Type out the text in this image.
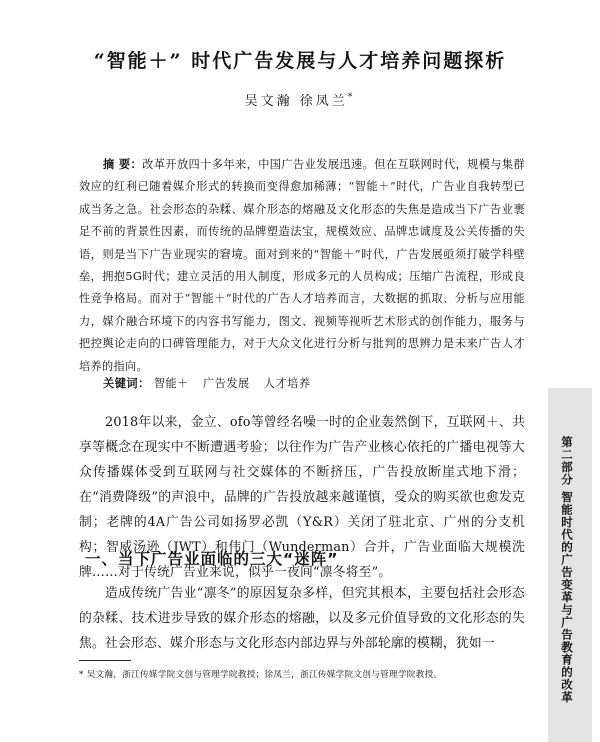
“智能＋” 时代广告发展与人才培养问题探析
吴文瀚 徐凤兰*
摘 要：改革开放四十多年来，中国广告业发展迅速。但在互联网时代，规模与集群效应的红利已随着媒介形式的转换而变得愈加稀薄；“智能＋”时代，广告业自我转型已成当务之急。社会形态的杂糅、媒介形态的熔融及文化形态的失焦是造成当下广告业裹足不前的背景性因素，而传统的品牌塑造法宝，规模效应、品牌忠诚度及公关传播的失语，则是当下广告业现实的窘境。面对到来的“智能＋”时代，广告发展亟须打破学科壁垒，拥抱5G时代；建立灵活的用人制度，形成多元的人员构成；压缩广告流程，形成良性竞争格局。而对于“智能＋”时代的广告人才培养而言，大数据的抓取、分析与应用能力，媒介融合环境下的内容书写能力，图文、视频等视听艺术形式的创作能力，服务与把控舆论走向的口碑管理能力，对于大众文化进行分析与批判的思辨力是未来广告人才培养的指向。
关键词： 智能＋ 广告发展 人才培养
2018年以来，金立、ofo等曾经名噪一时的企业轰然倒下，互联网＋、共享等概念在现实中不断遭遇考验；以往作为广告产业核心依托的广播电视等大众传播媒体受到互联网与社交媒体的不断挤压，广告投放断崖式地下滑；在“消费降级”的声浪中，品牌的广告投放越来越谨慎，受众的购买欲也愈发克制；老牌的4A广告公司如扬罗必凯（Y&R）关闭了驻北京、广州的分支机构；智威汤逊（JWT）和伟门（Wunderman）合并，广告业面临大规模洗牌……对于传统广告业来说，似乎一夜间“凛冬将至”。
一、当下广告业面临的三大“迷阵”
造成传统广告业“凛冬”的原因复杂多样，但究其根本，主要包括社会形态的杂糅、技术进步导致的媒介形态的熔融，以及多元价值导致的文化形态的失焦。社会形态、媒介形态与文化形态内部边界与外部轮廓的模糊，犹如一
* 吴文瀚，浙江传媒学院文创与管理学院教授；徐凤兰，浙江传媒学院文创与管理学院教授。	第二部分 智能时代的广告变革与广告教育的改革
